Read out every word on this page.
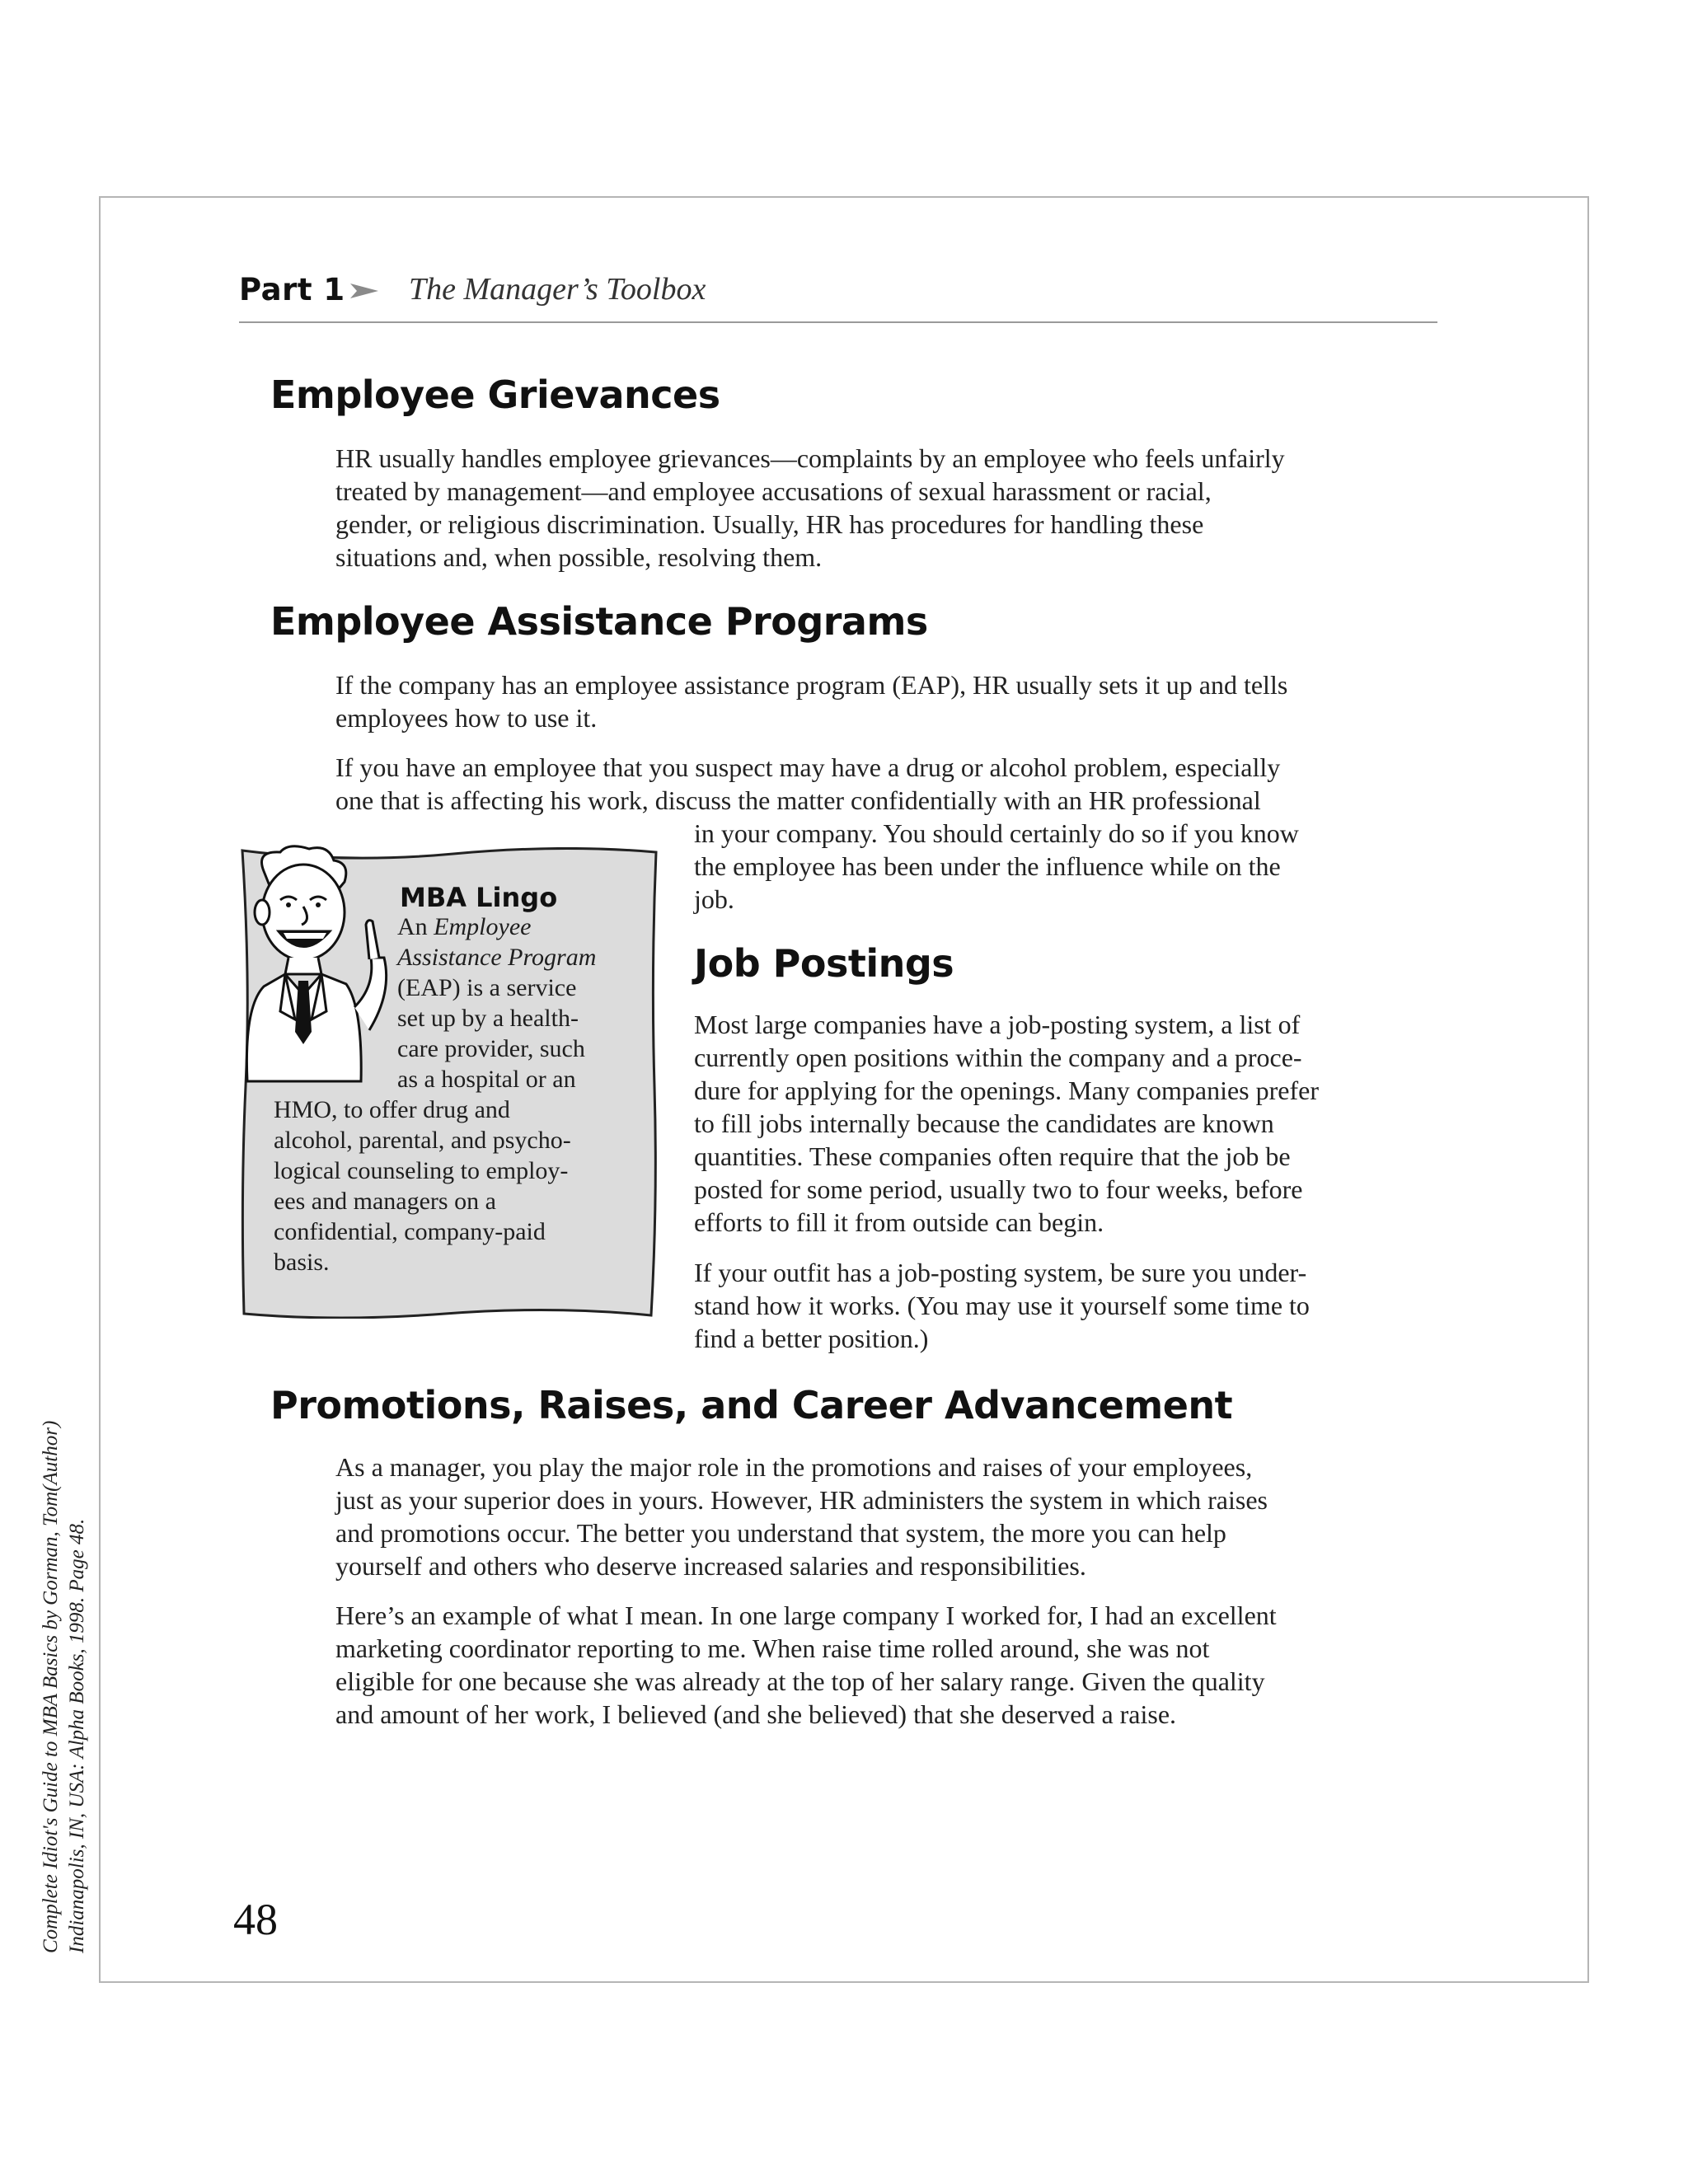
Part 1 The Manager’s Toolbox
Employee Grievances

HR usually handles employee grievances—complaints by an employee who feels unfairly
treated by management—and employee accusations of sexual harassment or racial,
gender, or religious discrimination. Usually, HR has procedures for handling these
situations and, when possible, resolving them.

Employee Assistance Programs

If the company has an employee assistance program (EAP), HR usually sets it up and tells
employees how to use it.

If you have an employee that you suspect may have a drug or alcohol problem, especially
one that is affecting his work, discuss the matter confidentially with an HR professional

in your company. You should certainly do so if you know
the employee has been under the influence while on the
job.

MBA Lingo

An Employee
Assistance Program
(EAP) is a service
set up by a health-
care provider, such
as a hospital or an
HMO, to offer drug and
alcohol, parental, and psycho-
logical counseling to employ-
ees and managers on a
confidential, company-paid
basis.

Job Postings

Most large companies have a job-posting system, a list of
currently open positions within the company and a proce-
dure for applying for the openings. Many companies prefer
to fill jobs internally because the candidates are known
quantities. These companies often require that the job be
posted for some period, usually two to four weeks, before
efforts to fill it from outside can begin.

If your outfit has a job-posting system, be sure you under-
stand how it works. (You may use it yourself some time to
find a better position.)

Promotions, Raises, and Career Advancement

As a manager, you play the major role in the promotions and raises of your employees,
just as your superior does in yours. However, HR administers the system in which raises
and promotions occur. The better you understand that system, the more you can help
yourself and others who deserve increased salaries and responsibilities.

Here’s an example of what I mean. In one large company I worked for, I had an excellent
marketing coordinator reporting to me. When raise time rolled around, she was not
eligible for one because she was already at the top of her salary range. Given the quality
and amount of her work, I believed (and she believed) that she deserved a raise.

48
Complete Idiot's Guide to MBA Basics by Gorman, Tom(Author) Indianapolis, IN, USA: Alpha Books, 1998. Page 48.
